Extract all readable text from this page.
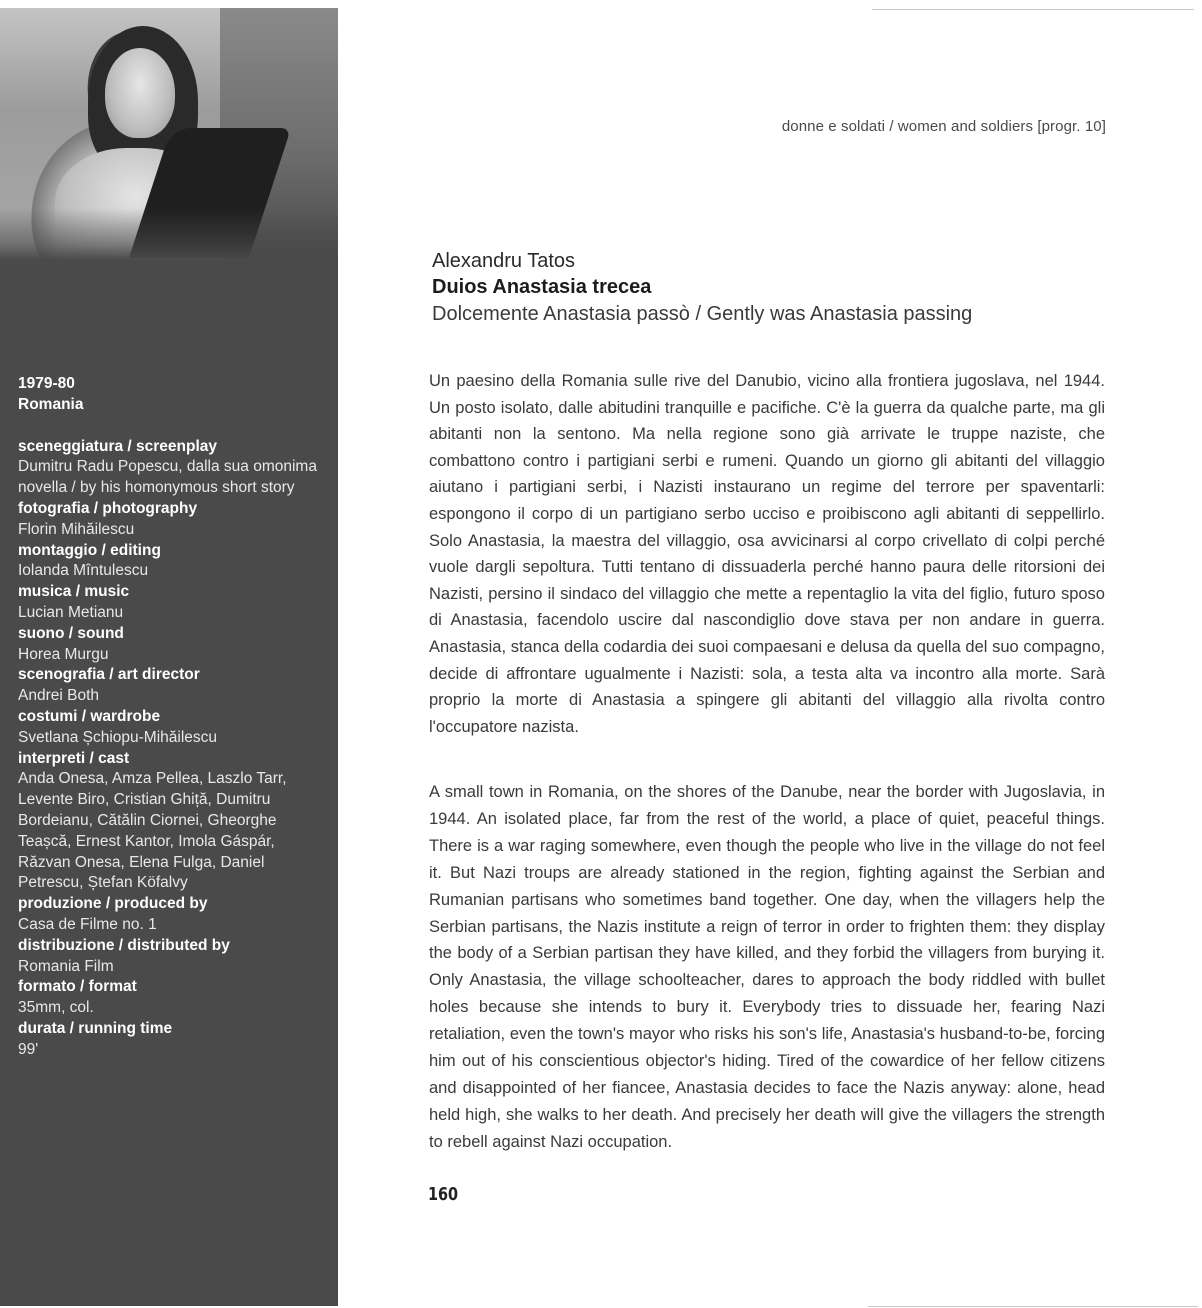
1979-80
Romania
sceneggiatura / screenplay
Dumitru Radu Popescu, dalla sua omonima novella / by his homonymous short story
fotografia / photography
Florin Mihăilescu
montaggio / editing
Iolanda Mîntulescu
musica / music
Lucian Metianu
suono / sound
Horea Murgu
scenografia / art director
Andrei Both
costumi / wardrobe
Svetlana Șchiopu-Mihăilescu
interpreti / cast
Anda Onesa, Amza Pellea, Laszlo Tarr, Levente Biro, Cristian Ghiță, Dumitru Bordeianu, Cătălin Ciornei, Gheorghe Teașcă, Ernest Kantor, Imola Gáspár, Răzvan Onesa, Elena Fulga, Daniel Petrescu, Ștefan Köfalvy
produzione / produced by
Casa de Filme no. 1
distribuzione / distributed by
Romania Film
formato / format
35mm, col.
durata / running time
99'
donne e soldati / women and soldiers [progr. 10]
Alexandru Tatos
Duios Anastasia trecea
Dolcemente Anastasia passò / Gently was Anastasia passing

Un paesino della Romania sulle rive del Danubio, vicino alla frontiera jugoslava, nel 1944. Un posto isolato, dalle abitudini tranquille e pacifiche. C'è la guerra da qualche parte, ma gli abitanti non la sentono. Ma nella regione sono già arrivate le truppe naziste, che combattono contro i partigiani serbi e rumeni. Quando un giorno gli abitanti del villaggio aiutano i partigiani serbi, i Nazisti instaurano un regime del terrore per spaventarli: espongono il corpo di un partigiano serbo ucciso e proibiscono agli abitanti di seppellirlo. Solo Anastasia, la maestra del villaggio, osa avvicinarsi al corpo crivellato di colpi perché vuole dargli sepoltura. Tutti tentano di dissuaderla perché hanno paura delle ritorsioni dei Nazisti, persino il sindaco del villaggio che mette a repentaglio la vita del figlio, futuro sposo di Anastasia, facendolo uscire dal nascondiglio dove stava per non andare in guerra. Anastasia, stanca della codardia dei suoi compaesani e delusa da quella del suo compagno, decide di affrontare ugualmente i Nazisti: sola, a testa alta va incontro alla morte. Sarà proprio la morte di Anastasia a spingere gli abitanti del villaggio alla rivolta contro l'occupatore nazista.

A small town in Romania, on the shores of the Danube, near the border with Jugoslavia, in 1944. An isolated place, far from the rest of the world, a place of quiet, peaceful things. There is a war raging somewhere, even though the people who live in the village do not feel it. But Nazi troups are already stationed in the region, fighting against the Serbian and Rumanian partisans who sometimes band together. One day, when the villagers help the Serbian partisans, the Nazis institute a reign of terror in order to frighten them: they display the body of a Serbian partisan they have killed, and they forbid the villagers from burying it. Only Anastasia, the village schoolteacher, dares to approach the body riddled with bullet holes because she intends to bury it. Everybody tries to dissuade her, fearing Nazi retaliation, even the town's mayor who risks his son's life, Anastasia's husband-to-be, forcing him out of his conscientious objector's hiding. Tired of the cowardice of her fellow citizens and disappointed of her fiancee, Anastasia decides to face the Nazis anyway: alone, head held high, she walks to her death. And precisely her death will give the villagers the strength to rebell against Nazi occupation.

160
